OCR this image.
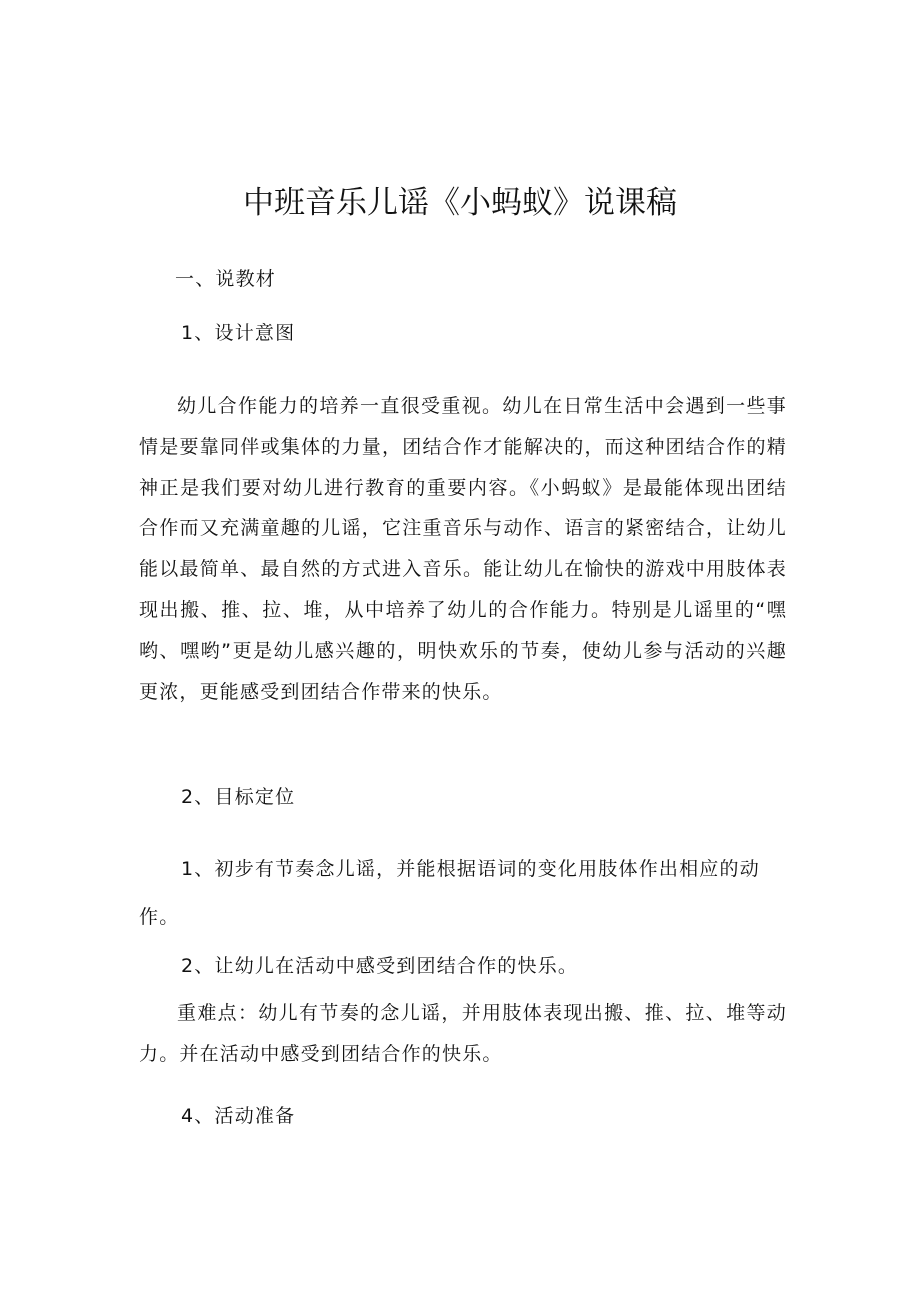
中班音乐儿谣《小蚂蚁》说课稿
一、说教材
1、设计意图
幼儿合作能力的培养一直很受重视。幼儿在日常生活中会遇到一些事情是要靠同伴或集体的力量，团结合作才能解决的，而这种团结合作的精神正是我们要对幼儿进行教育的重要内容。《小蚂蚁》是最能体现出团结合作而又充满童趣的儿谣，它注重音乐与动作、语言的紧密结合，让幼儿能以最简单、最自然的方式进入音乐。能让幼儿在愉快的游戏中用肢体表现出搬、推、拉、堆，从中培养了幼儿的合作能力。特别是儿谣里的“嘿哟、嘿哟”更是幼儿感兴趣的，明快欢乐的节奏，使幼儿参与活动的兴趣更浓，更能感受到团结合作带来的快乐。
2、目标定位
1、初步有节奏念儿谣，并能根据语词的变化用肢体作出相应的动
作。
2、让幼儿在活动中感受到团结合作的快乐。
重难点：幼儿有节奏的念儿谣，并用肢体表现出搬、推、拉、堆等动力。并在活动中感受到团结合作的快乐。
4、活动准备
